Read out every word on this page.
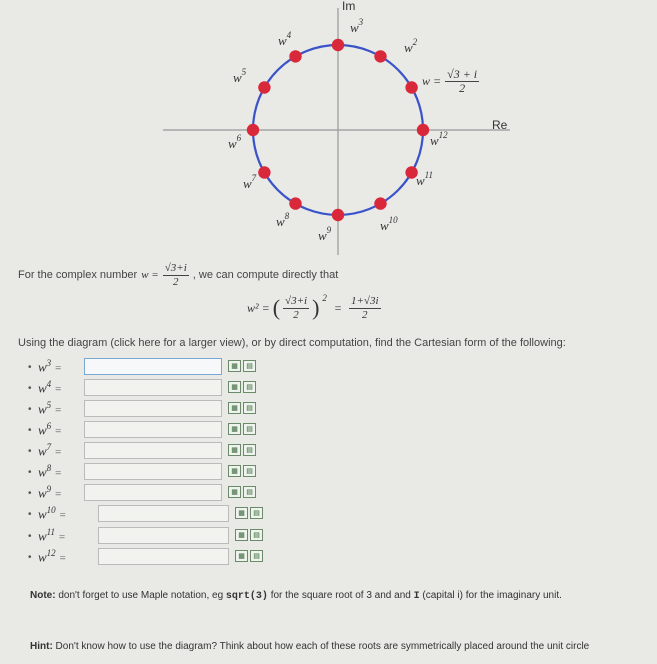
$w^2$
$w^3$
$w^4$
$w^5$
$w^6$
$w^7$
$w^8$
$w^9$	$w^{10}$
$w^{11}$
$w^{12}$
Im
Re
$w = \frac{√3 + i}{2}$
For the complex number $w = \frac{√3+i}{2}$ , we can compute directly that
w² = ( $\frac{√3+i}{2}$ ) 2
= $\frac{1+√3i}{2}$
Using the diagram (click here for a larger view), or by direct computation, find the Cartesian form of the following:
• $w^3$ =	▦	▤
• $w^4$ =	▦	▤
• $w^5$ =	▦	▤
• $w^6$ =	▦	▤
• $w^7$ =	▦	▤
• $w^8$ =	▦	▤
• $w^9$ =	▦	▤
• $w^{10}$ =	▦	▤
• $w^{11}$ =	▦	▤
• $w^{12}$ =	▦	▤
Note: don't forget to use Maple notation, eg sqrt(3) for the square root of 3 and and I (capital i) for the imaginary unit.
Hint: Don't know how to use the diagram? Think about how each of these roots are symmetrically placed around the unit circle
